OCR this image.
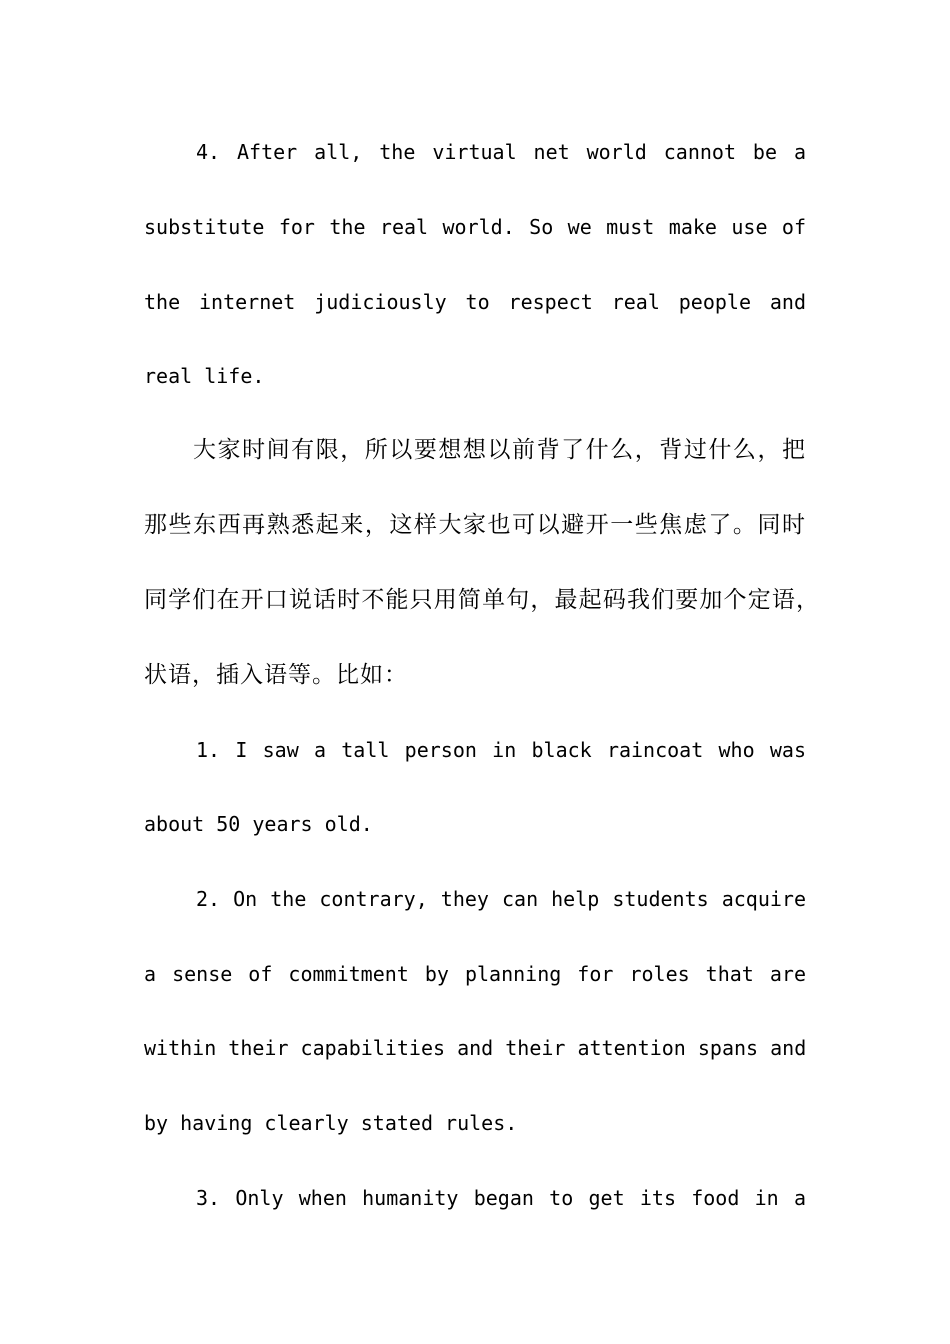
4. After all, the virtual net world cannot be a
substitute for the real world. So we must make use of
the internet judiciously to respect real people and
real life.
大家时间有限，所以要想想以前背了什么，背过什么，把
那些东西再熟悉起来，这样大家也可以避开一些焦虑了。同时
同学们在开口说话时不能只用简单句，最起码我们要加个定语，
状语，插入语等。比如：
1. I saw a tall person in black raincoat who was
about 50 years old.
2. On the contrary, they can help students acquire
a sense of commitment by planning for roles that are
within their capabilities and their attention spans and
by having clearly stated rules.
3. Only when humanity began to get its food in a
